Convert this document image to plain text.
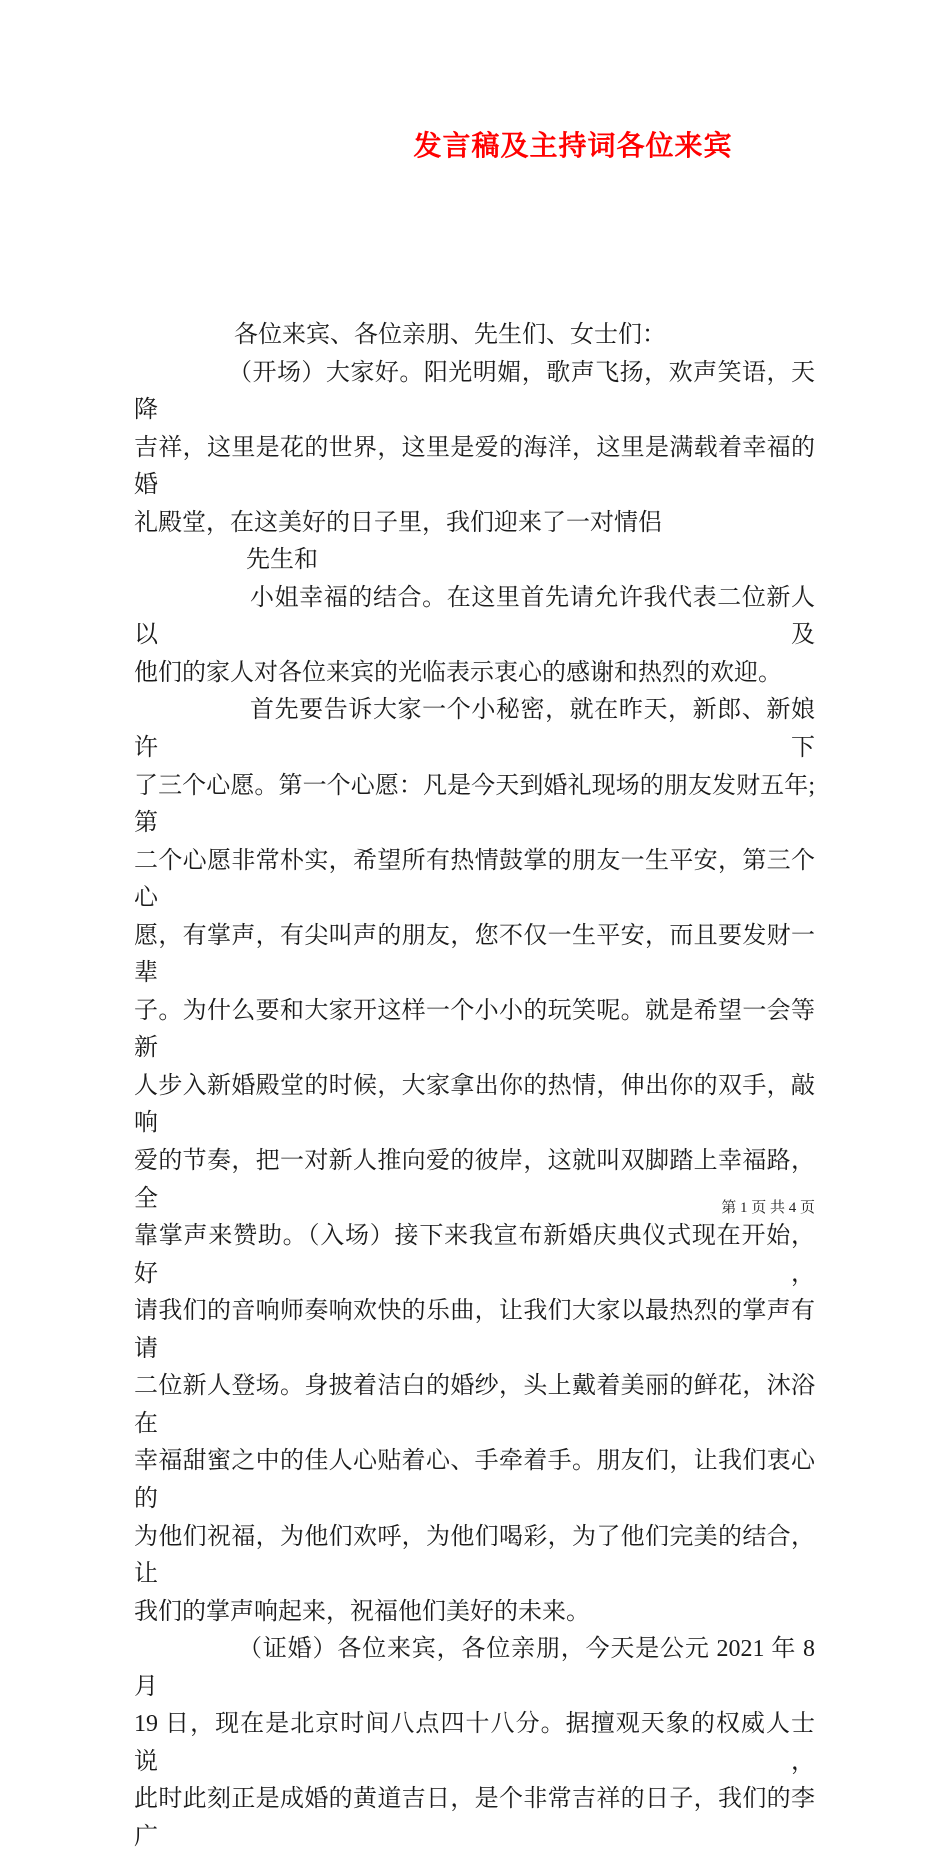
发言稿及主持词各位来宾
各位来宾、各位亲朋、先生们、女士们：
（开场）大家好。阳光明媚，歌声飞扬，欢声笑语，天降
吉祥，这里是花的世界，这里是爱的海洋，这里是满载着幸福的婚
礼殿堂，在这美好的日子里，我们迎来了一对情侣
先生和
小姐幸福的结合。在这里首先请允许我代表二位新人以及
他们的家人对各位来宾的光临表示衷心的感谢和热烈的欢迎。
首先要告诉大家一个小秘密，就在昨天，新郎、新娘许下
了三个心愿。第一个心愿：凡是今天到婚礼现场的朋友发财五年;第
二个心愿非常朴实，希望所有热情鼓掌的朋友一生平安，第三个心
愿，有掌声，有尖叫声的朋友，您不仅一生平安，而且要发财一辈
子。为什么要和大家开这样一个小小的玩笑呢。就是希望一会等新
人步入新婚殿堂的时候，大家拿出你的热情，伸出你的双手，敲响
爱的节奏，把一对新人推向爱的彼岸，这就叫双脚踏上幸福路，全
靠掌声来赞助。（入场）接下来我宣布新婚庆典仪式现在开始，好，
请我们的音响师奏响欢快的乐曲，让我们大家以最热烈的掌声有请
二位新人登场。身披着洁白的婚纱，头上戴着美丽的鲜花，沐浴在
幸福甜蜜之中的佳人心贴着心、手牵着手。朋友们，让我们衷心的
为他们祝福，为他们欢呼，为他们喝彩，为了他们完美的结合，让
我们的掌声响起来，祝福他们美好的未来。
（证婚）各位来宾，各位亲朋，今天是公元 2021 年 8 月
19 日，现在是北京时间八点四十八分。据擅观天象的权威人士说，
此时此刻正是成婚的黄道吉日，是个非常吉祥的日子，我们的李广
第 1 页 共 4 页
